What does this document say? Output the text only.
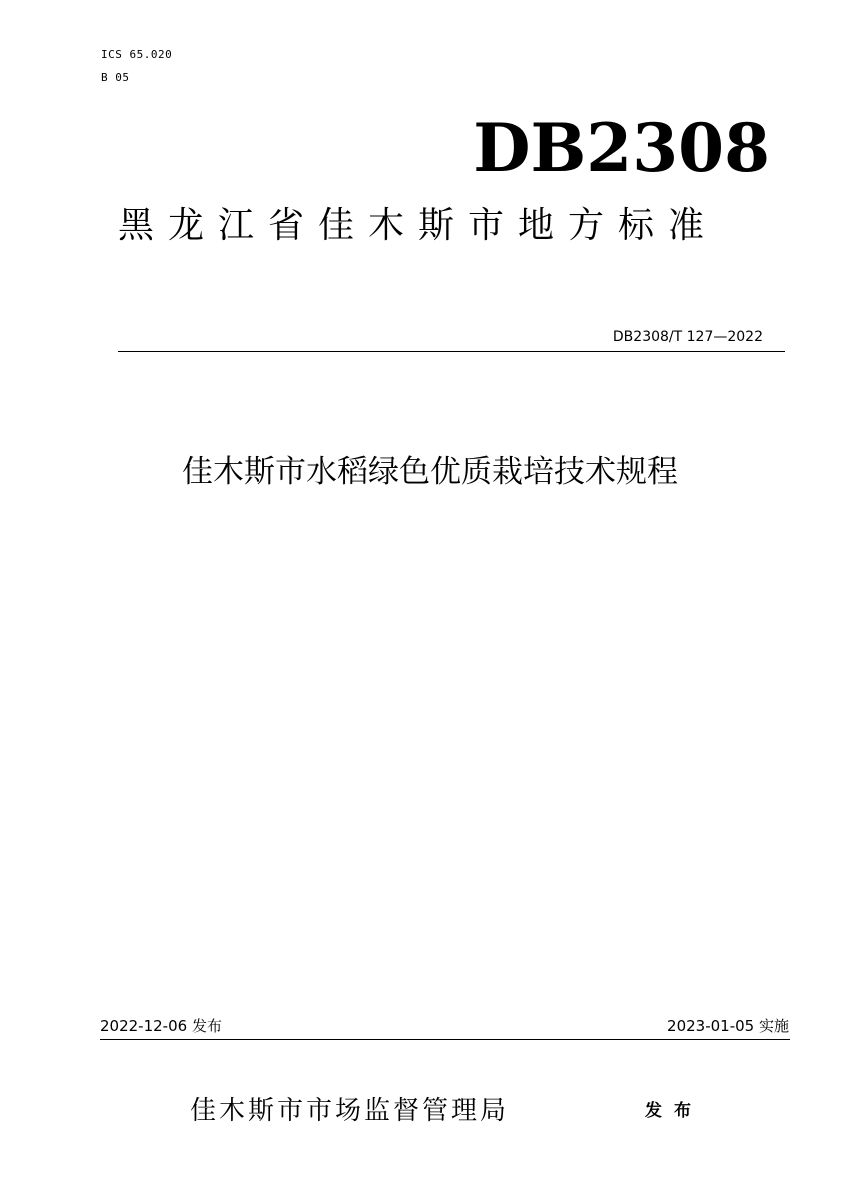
ICS 65.020
B 05
DB2308
黑龙江省佳木斯市地方标准
DB2308/T 127—2022
佳木斯市水稻绿色优质栽培技术规程
2022-12-06 发布	2023-01-05 实施
佳木斯市市场监督管理局	发布
